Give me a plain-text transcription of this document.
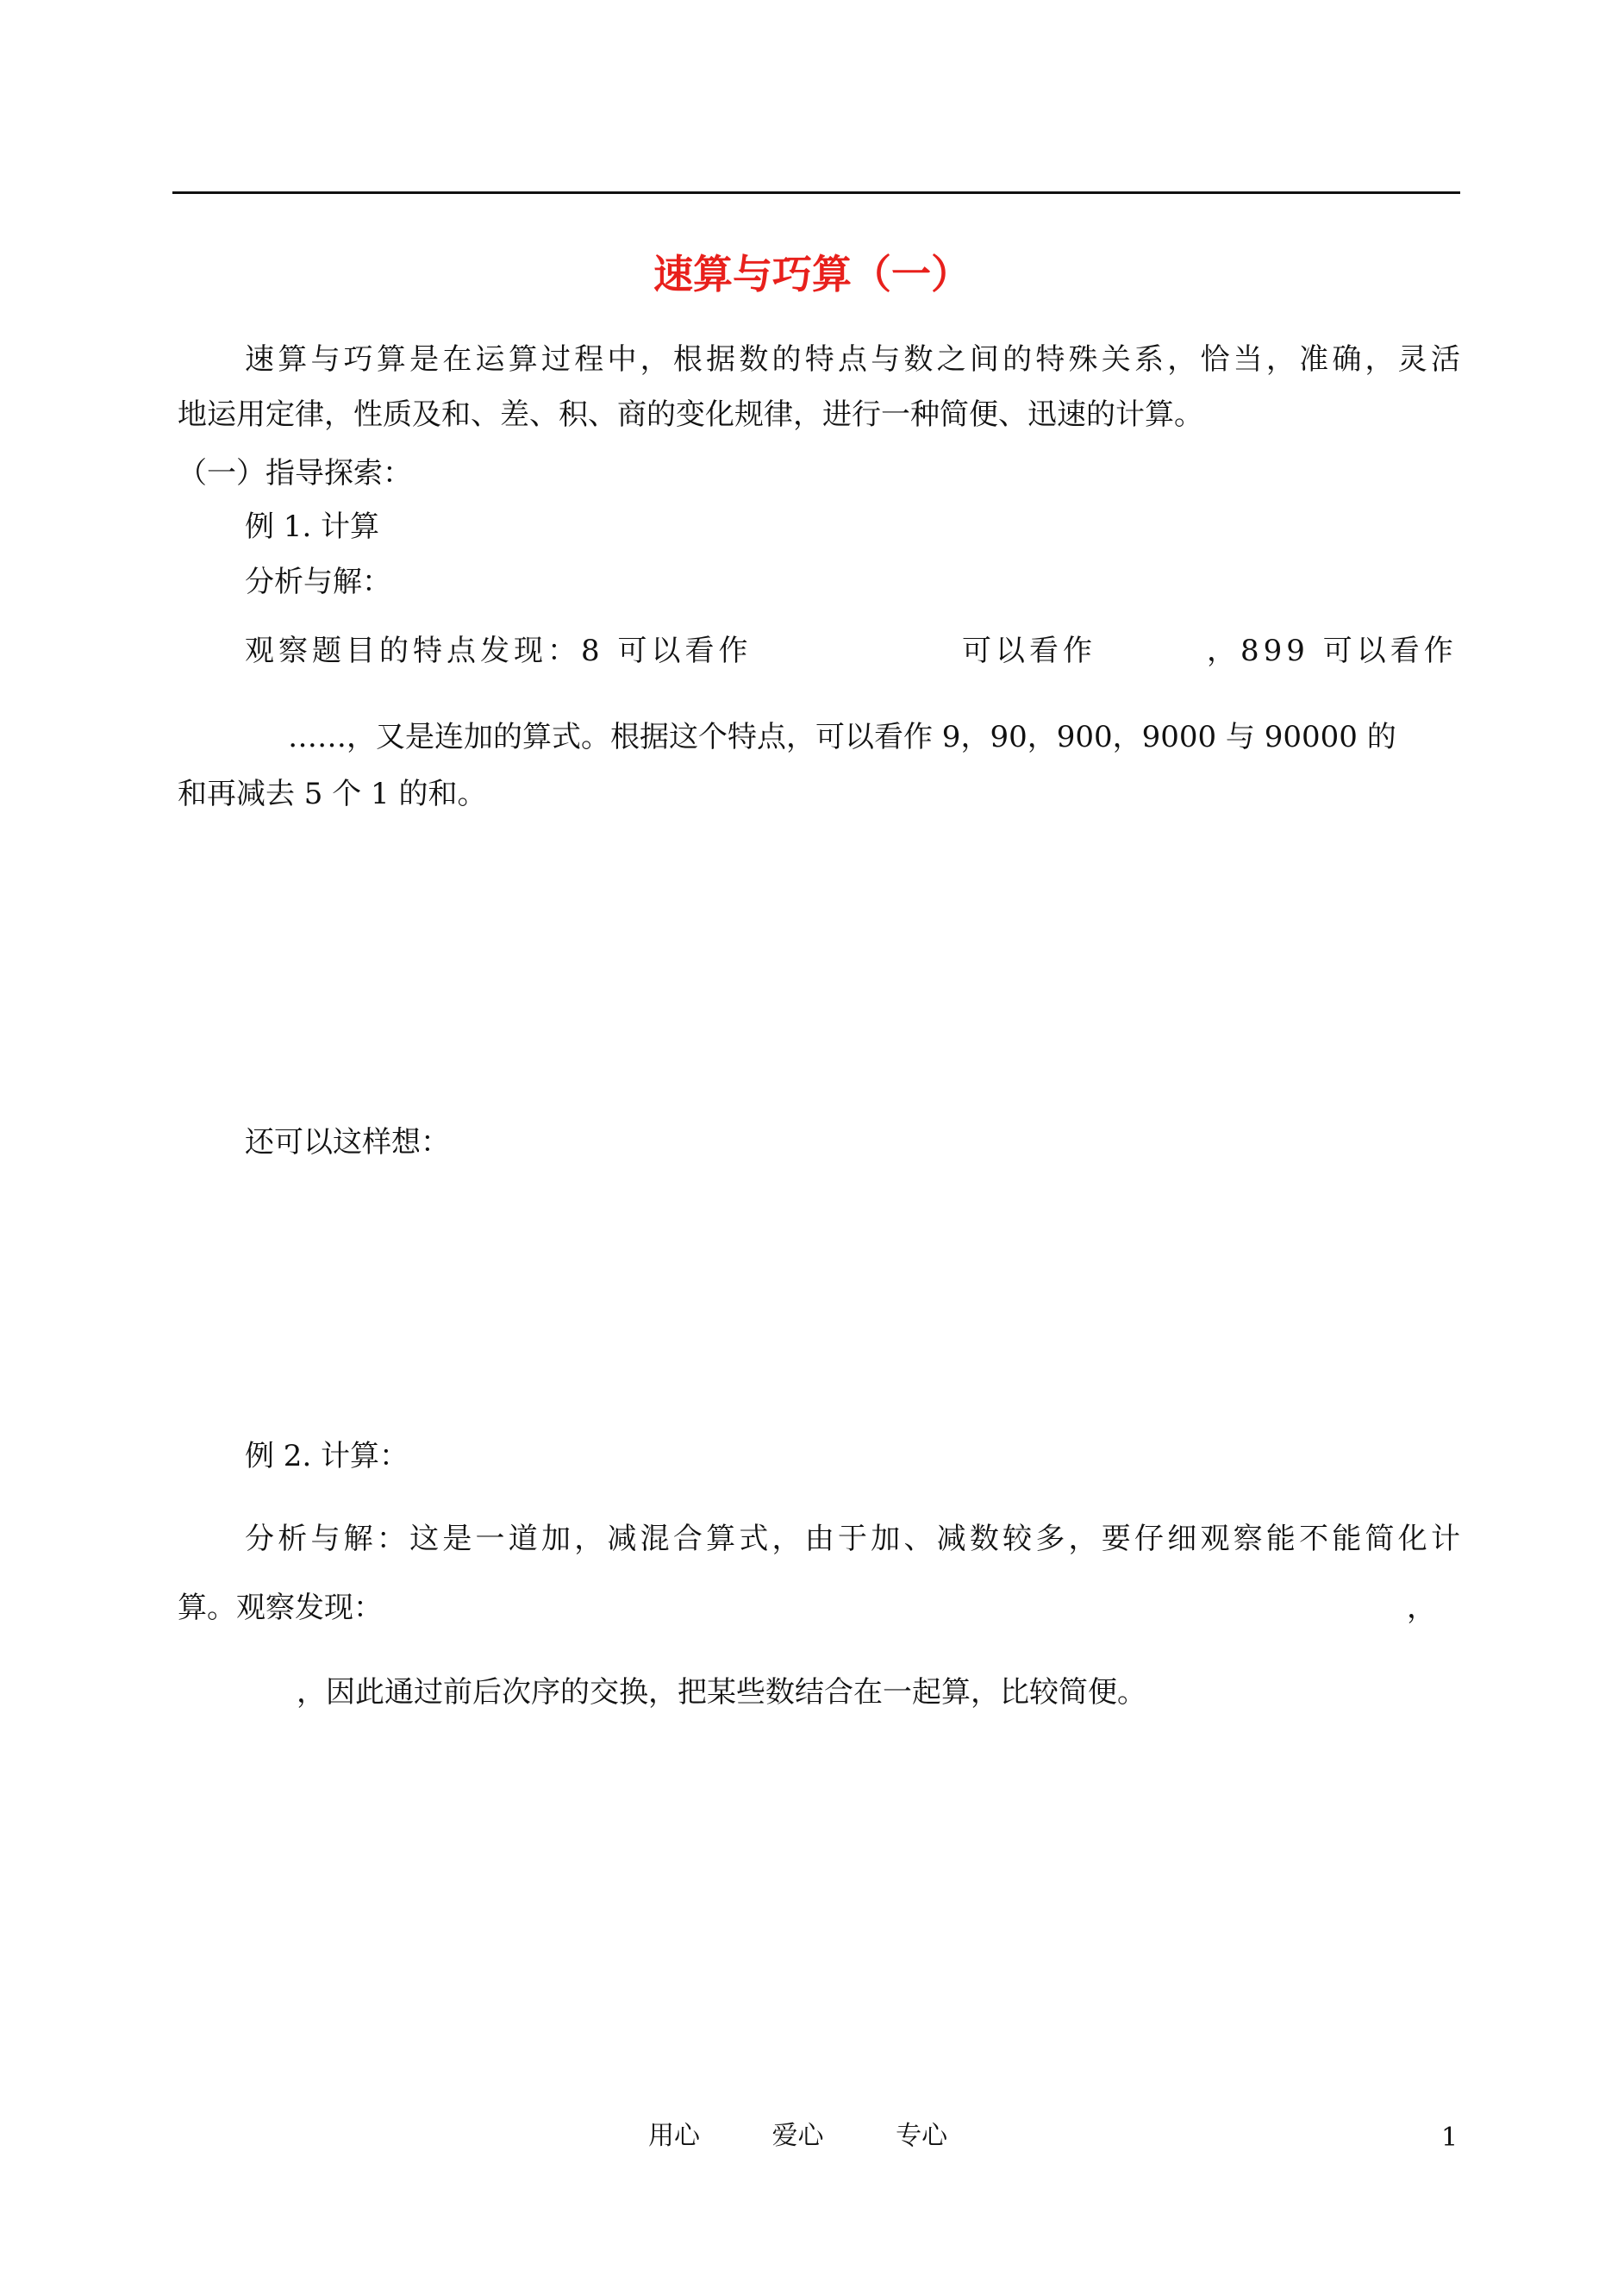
速算与巧算（一）
速算与巧算是在运算过程中，根据数的特点与数之间的特殊关系，恰当，准确，灵活
地运用定律，性质及和、差、积、商的变化规律，进行一种简便、迅速的计算。
（一）指导探索：
例 1. 计算
分析与解：
观察题目的特点发现：8 可以看作	可以看作	，899 可以看作
……，又是连加的算式。根据这个特点，可以看作 9，90，900，9000 与 90000 的
和再减去 5 个 1 的和。
还可以这样想：
例 2. 计算：
分析与解：这是一道加，减混合算式，由于加、减数较多，要仔细观察能不能简化计
算。观察发现：	，
，因此通过前后次序的交换，把某些数结合在一起算，比较简便。
用心	爱心	专心	1
